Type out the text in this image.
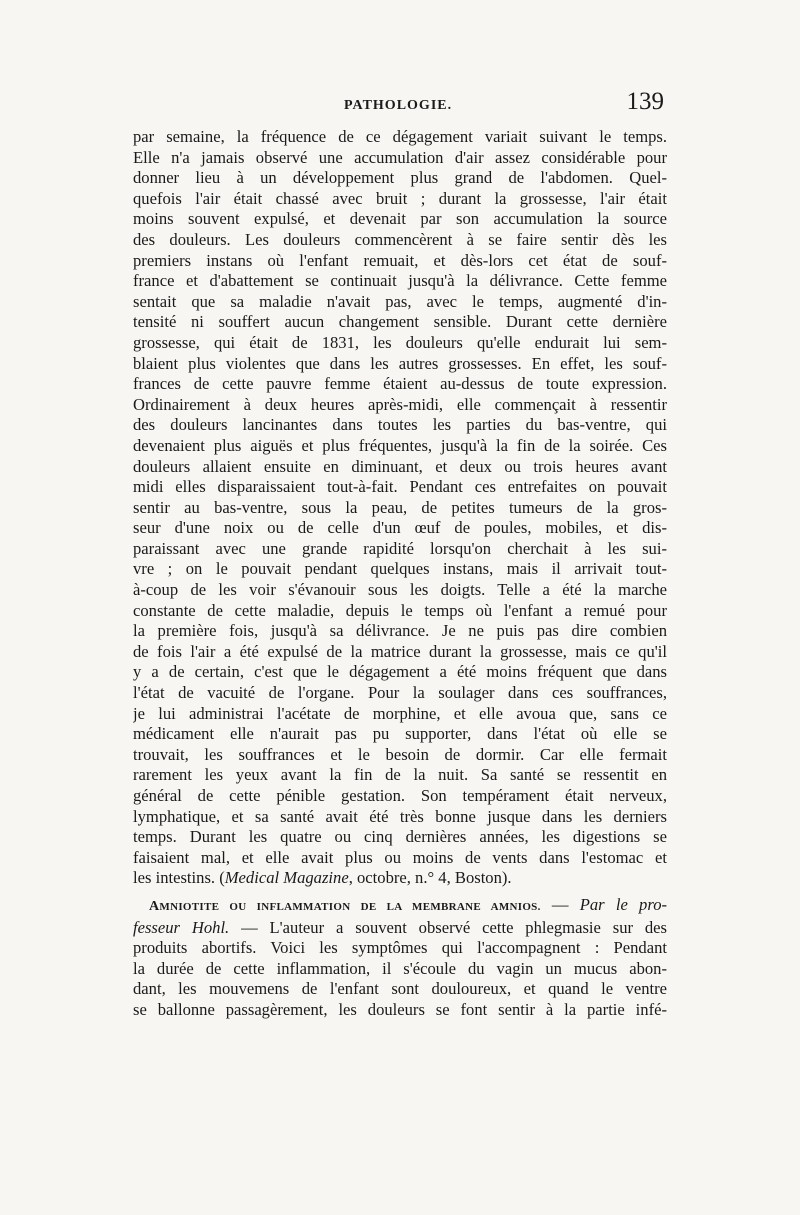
PATHOLOGIE.	139
par semaine, la fréquence de ce dégagement variait suivant le temps.
Elle n'a jamais observé une accumulation d'air assez considérable pour
donner lieu à un développement plus grand de l'abdomen. Quel-
quefois l'air était chassé avec bruit ; durant la grossesse, l'air était
moins souvent expulsé, et devenait par son accumulation la source
des douleurs. Les douleurs commencèrent à se faire sentir dès les
premiers instans où l'enfant remuait, et dès-lors cet état de souf-
france et d'abattement se continuait jusqu'à la délivrance. Cette femme
sentait que sa maladie n'avait pas, avec le temps, augmenté d'in-
tensité ni souffert aucun changement sensible. Durant cette dernière
grossesse, qui était de 1831, les douleurs qu'elle endurait lui sem-
blaient plus violentes que dans les autres grossesses. En effet, les souf-
frances de cette pauvre femme étaient au-dessus de toute expression.
Ordinairement à deux heures après-midi, elle commençait à ressentir
des douleurs lancinantes dans toutes les parties du bas-ventre, qui
devenaient plus aiguës et plus fréquentes, jusqu'à la fin de la soirée. Ces
douleurs allaient ensuite en diminuant, et deux ou trois heures avant
midi elles disparaissaient tout-à-fait. Pendant ces entrefaites on pouvait
sentir au bas-ventre, sous la peau, de petites tumeurs de la gros-
seur d'une noix ou de celle d'un œuf de poules, mobiles, et dis-
paraissant avec une grande rapidité lorsqu'on cherchait à les sui-
vre ; on le pouvait pendant quelques instans, mais il arrivait tout-
à-coup de les voir s'évanouir sous les doigts. Telle a été la marche
constante de cette maladie, depuis le temps où l'enfant a remué pour
la première fois, jusqu'à sa délivrance. Je ne puis pas dire combien
de fois l'air a été expulsé de la matrice durant la grossesse, mais ce qu'il
y a de certain, c'est que le dégagement a été moins fréquent que dans
l'état de vacuité de l'organe. Pour la soulager dans ces souffrances,
je lui administrai l'acétate de morphine, et elle avoua que, sans ce
médicament elle n'aurait pas pu supporter, dans l'état où elle se
trouvait, les souffrances et le besoin de dormir. Car elle fermait
rarement les yeux avant la fin de la nuit. Sa santé se ressentit en
général de cette pénible gestation. Son tempérament était nerveux,
lymphatique, et sa santé avait été très bonne jusque dans les derniers
temps. Durant les quatre ou cinq dernières années, les digestions se
faisaient mal, et elle avait plus ou moins de vents dans l'estomac et
les intestins. (Medical Magazine, octobre, n.° 4, Boston).
AMNIOTITE OU INFLAMMATION DE LA MEMBRANE AMNIOS. — Par le pro-
fesseur Hohl. — L'auteur a souvent observé cette phlegmasie sur des
produits abortifs. Voici les symptômes qui l'accompagnent : Pendant
la durée de cette inflammation, il s'écoule du vagin un mucus abon-
dant, les mouvemens de l'enfant sont douloureux, et quand le ventre
se ballonne passagèrement, les douleurs se font sentir à la partie infé-
